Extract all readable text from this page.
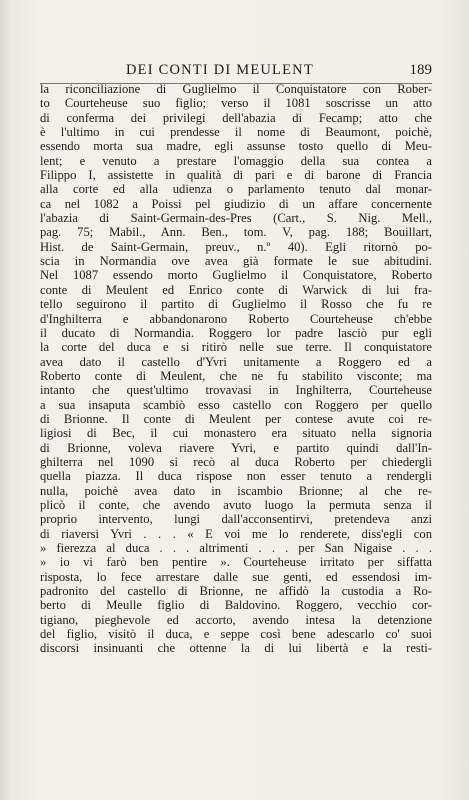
DEI CONTI DI MEULENT	189
la riconciliazione di Guglielmo il Conquistatore con Rober-
to Courteheuse suo figlio; verso il 1081 soscrisse un atto
di conferma dei privilegi dell'abazia di Fecamp; atto che
è l'ultimo in cui prendesse il nome di Beaumont, poichè,
essendo morta sua madre, egli assunse tosto quello di Meu-
lent; e venuto a prestare l'omaggio della sua contea a
Filippo I, assistette in qualità di pari e di barone di Francia
alla corte ed alla udienza o parlamento tenuto dal monar-
ca nel 1082 a Poissi pel giudizio di un affare concernente
l'abazia di Saint-Germain-des-Pres (Cart., S. Nig. Mell.,
pag. 75; Mabil., Ann. Ben., tom. V, pag. 188; Bouillart,
Hist. de Saint-Germain, preuv., n.º 40). Egli ritornò po-
scia in Normandia ove avea già formate le sue abitudini.
Nel 1087 essendo morto Guglielmo il Conquistatore, Roberto
conte di Meulent ed Enrico conte di Warwick di lui fra-
tello seguirono il partito di Guglielmo il Rosso che fu re
d'Inghilterra e abbandonarono Roberto Courteheuse ch'ebbe
il ducato di Normandia. Roggero lor padre lasciò pur egli
la corte del duca e si ritirò nelle sue terre. Il conquistatore
avea dato il castello d'Yvri unitamente a Roggero ed a
Roberto conte di Meulent, che ne fu stabilito visconte; ma
intanto che quest'ultimo trovavasi in Inghilterra, Courteheuse
a sua insaputa scambiò esso castello con Roggero per quello
di Brionne. Il conte di Meulent per contese avute coi re-
ligiosi di Bec, il cui monastero era situato nella signoria
di Brionne, voleva riavere Yvri, e partito quindi dall'In-
ghilterra nel 1090 si recò al duca Roberto per chiedergli
quella piazza. Il duca rispose non esser tenuto a rendergli
nulla, poichè avea dato in iscambio Brionne; al che re-
plicò il conte, che avendo avuto luogo la permuta senza il
proprio intervento, lungi dall'acconsentirvi, pretendeva anzi
di riaversi Yvri . . . « E voi me lo renderete, diss'egli con
» fierezza al duca . . . altrimenti . . . per San Nigaise . . .
» io vi farò ben pentire ». Courteheuse irritato per siffatta
risposta, lo fece arrestare dalle sue genti, ed essendosi im-
padronito del castello di Brionne, ne affidò la custodia a Ro-
berto di Meulle figlio di Baldovino. Roggero, vecchio cor-
tigiano, pieghevole ed accorto, avendo intesa la detenzione
del figlio, visitò il duca, e seppe così bene adescarlo co' suoi
discorsi insinuanti che ottenne la di lui libertà e la resti-
